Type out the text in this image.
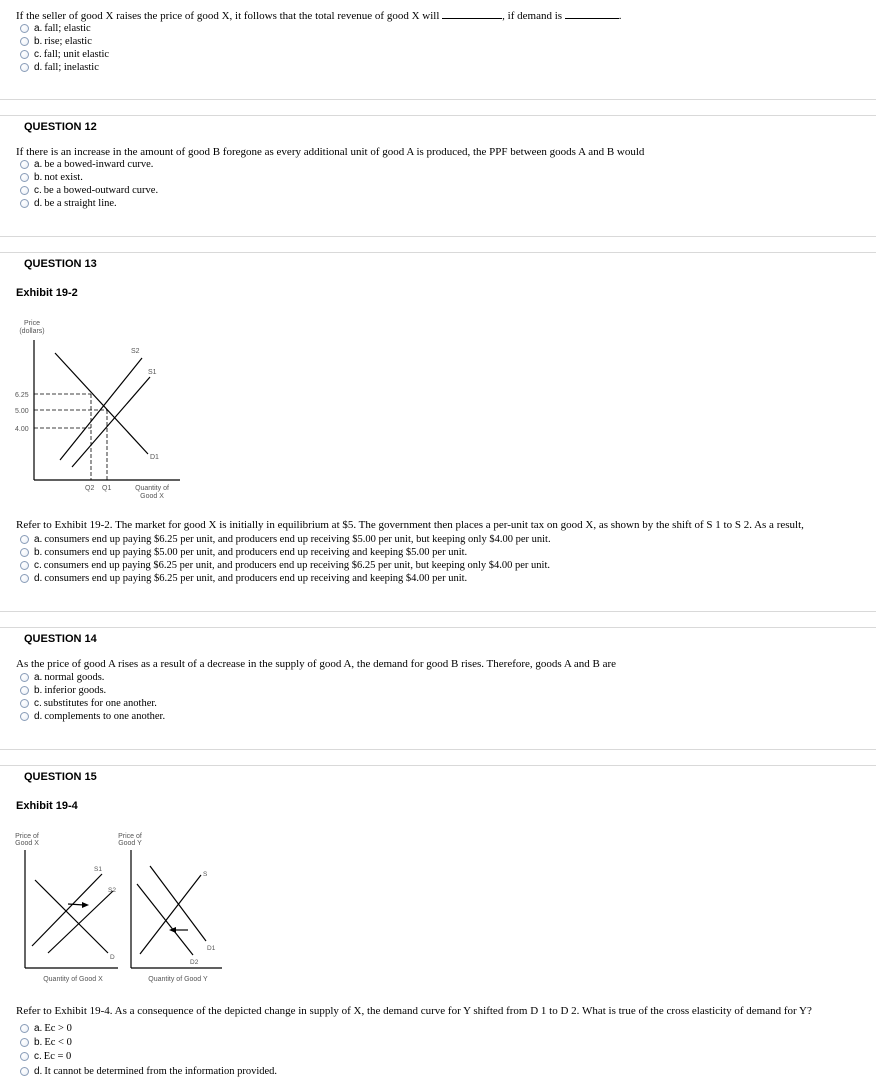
If the seller of good X raises the price of good X, it follows that the total revenue of good X will	, if demand is	.
a. fall; elastic
b. rise; elastic
c. fall; unit elastic
d. fall; inelastic
QUESTION 12
If there is an increase in the amount of good B foregone as every additional unit of good A is produced, the PPF between goods A and B would
a. be a bowed-inward curve.
b. not exist.
c. be a bowed-outward curve.
d. be a straight line.
QUESTION 13
Exhibit 19-2
Price
(dollars)
6.25
5.00
4.00
S2
S1
D1
Q2 Q1	Quantity of
Good X
Refer to Exhibit 19-2. The market for good X is initially in equilibrium at $5. The government then places a per-unit tax on good X, as shown by the shift of S 1 to S 2. As a result,
a. consumers end up paying $6.25 per unit, and producers end up receiving $5.00 per unit, but keeping only $4.00 per unit.
b. consumers end up paying $5.00 per unit, and producers end up receiving and keeping $5.00 per unit.
c. consumers end up paying $6.25 per unit, and producers end up receiving $6.25 per unit, but keeping only $4.00 per unit.
d. consumers end up paying $6.25 per unit, and producers end up receiving and keeping $4.00 per unit.
QUESTION 14
As the price of good A rises as a result of a decrease in the supply of good A, the demand for good B rises. Therefore, goods A and B are
a. normal goods.
b. inferior goods.
c. substitutes for one another.
d. complements to one another.
QUESTION 15
Exhibit 19-4
Price of
Good X
S1
S2
D
Quantity of Good X
Price of
Good Y
S
D1
D2
Quantity of Good Y
Refer to Exhibit 19-4. As a consequence of the depicted change in supply of X, the demand curve for Y shifted from D 1 to D 2. What is true of the cross elasticity of demand for Y?
a. Ec > 0
b. Ec < 0
c. Ec = 0
d. It cannot be determined from the information provided.
